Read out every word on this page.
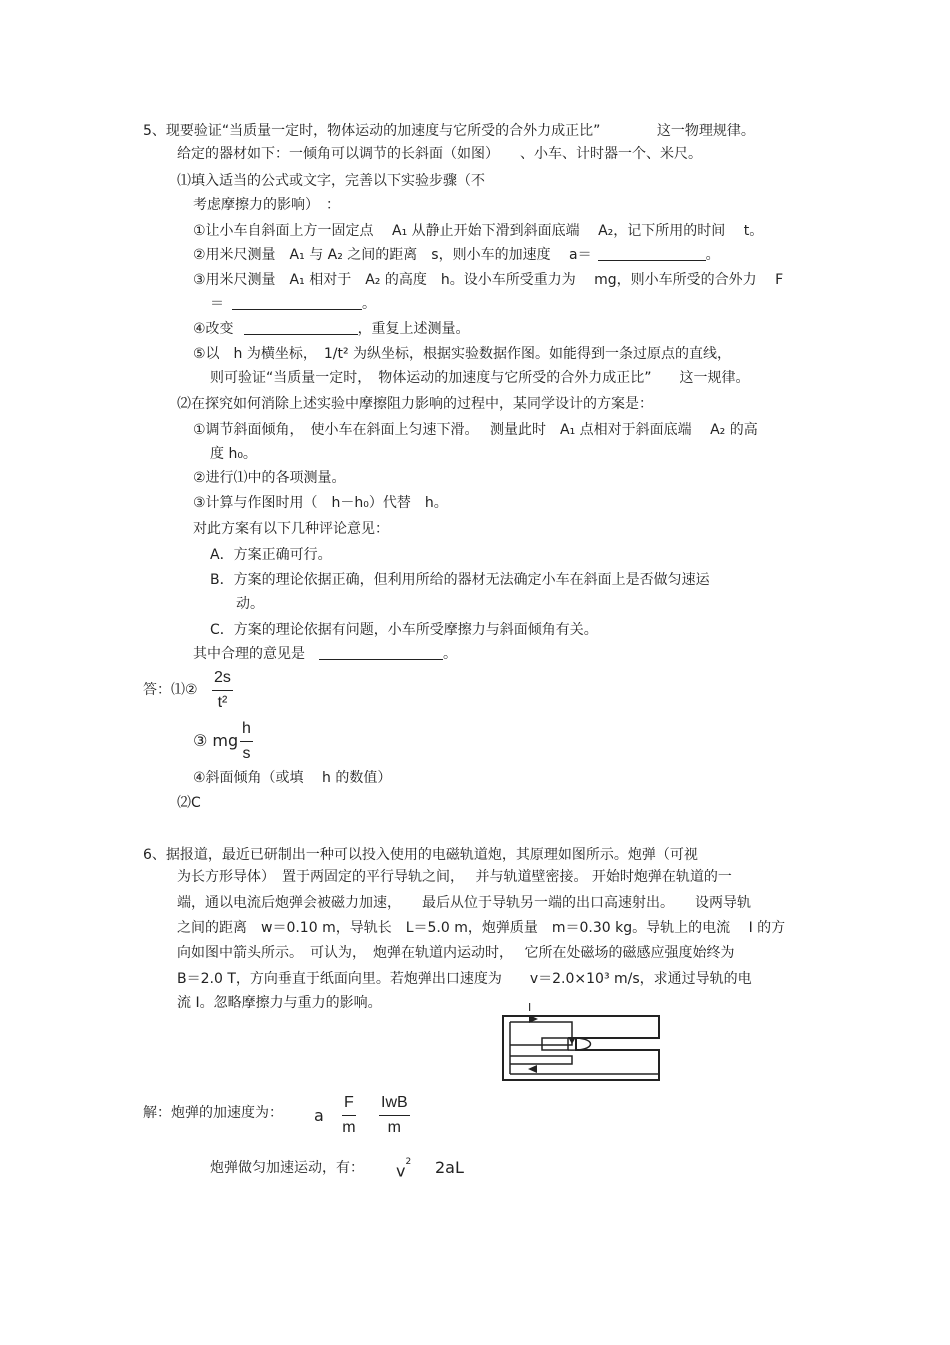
5、现要验证“当质量一定时，物体运动的加速度与它所受的合外力成正比”	这一物理规律。
给定的器材如下：一倾角可以调节的长斜面（如图）　　、小车、计时器一个、米尺。
⑴填入适当的公式或文字，完善以下实验步骤（不
考虑摩擦力的影响）　：
①让小车自斜面上方一固定点　 A₁ 从静止开始下滑到斜面底端　 A₂，记下所用的时间　 t。
②用米尺测量　A₁ 与 A₂ 之间的距离　s，则小车的加速度　 a＝	。
③用米尺测量　A₁ 相对于　A₂ 的高度　h。设小车所受重力为　 mg，则小车所受的合外力　 F
＝	。
④改变	，重复上述测量。
⑤以　h 为横坐标，　1/t² 为纵坐标，根据实验数据作图。如能得到一条过原点的直线，
则可验证“当质量一定时，　物体运动的加速度与它所受的合外力成正比”　　这一规律。
⑵在探究如何消除上述实验中摩擦阻力影响的过程中，某同学设计的方案是：
①调节斜面倾角，　使小车在斜面上匀速下滑。　 测量此时　A₁ 点相对于斜面底端　 A₂ 的高
度 h₀。
②进行⑴中的各项测量。
③计算与作图时用（　h－h₀）代替　h。
对此方案有以下几种评论意见：
A．方案正确可行。
B．方案的理论依据正确，但利用所给的器材无法确定小车在斜面上是否做匀速运
动。
C．方案的理论依据有问题，小车所受摩擦力与斜面倾角有关。
其中合理的意见是	。
答：⑴② $\frac{2s}{\text{t²}}$
③ mg $\frac{h}{s}$
④斜面倾角（或填　 h 的数值）
⑵C
6、据报道，最近已研制出一种可以投入使用的电磁轨道炮，其原理如图所示。炮弹（可视
为长方形导体）　置于两固定的平行导轨之间，　 并与轨道壁密接。 开始时炮弹在轨道的一
端，通以电流后炮弹会被磁力加速，　　最后从位于导轨另一端的出口高速射出。　　设两导轨
之间的距离　w＝0.10 m，导轨长　L＝5.0 m，炮弹质量　m＝0.30 kg。导轨上的电流　 I 的方
向如图中箭头所示。　可认为，　炮弹在轨道内运动时，　 它所在处磁场的磁感应强度始终为
B＝2.0 T，方向垂直于纸面向里。若炮弹出口速度为　　v＝2.0×10³ m/s，求通过导轨的电
流 I。忽略摩擦力与重力的影响。	I
解：炮弹的加速度为： a $\frac{F}{m}$ IwB
m
炮弹做匀加速运动，有： $v^2$ 2aL
